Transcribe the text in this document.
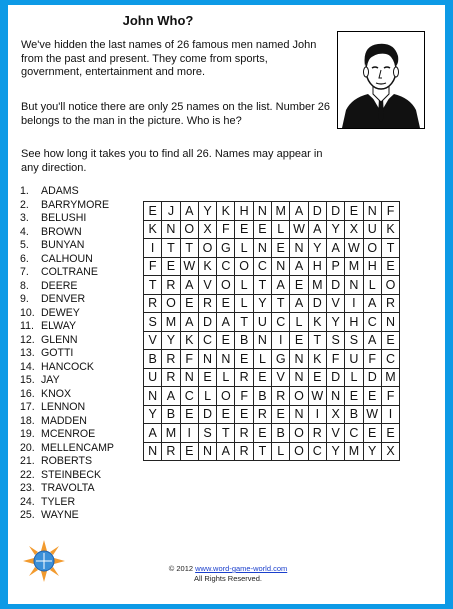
John Who?

We've hidden the last names of 26 famous men named John from the past and present. They come from sports, government, entertainment and more.

But you'll notice there are only 25 names on the list. Number 26 belongs to the man in the picture. Who is he?

See how long it takes you to find all 26. Names may appear in any direction.

1.	ADAMS
2.	BARRYMORE
3.	BELUSHI
4.	BROWN
5.	BUNYAN
6.	CALHOUN
7.	COLTRANE
8.	DEERE
9.	DENVER
10. DEWEY
11. ELWAY
12. GLENN
13. GOTTI
14. HANCOCK
15. JAY
16. KNOX
17. LENNON
18. MADDEN
19. MCENROE
20. MELLENCAMP
21. ROBERTS
22. STEINBECK
23. TRAVOLTA
24. TYLER
25. WAYNE
E	J	A	Y	K	H	N	M	A	D	D	E	N	F
K	N	O	X	F	E	E	L	W	A	Y	X	U	K
I	T	T	O	G	L	N	E	N	Y	A	W	O	T
F	E	W	K	C	O	C	N	A	H	P	M	H	E
T	R	A	V	O	L	T	A	E	M	D	N	L	O
R	O	E	R	E	L	Y	T	A	D	V	I	A	R
S	M	A	D	A	T	U	C	L	K	Y	H	C	N
V	Y	K	C	E	B	N	I	E	T	S	S	A	E
B	R	F	N	N	E	L	G	N	K	F	U	F	C
U	R	N	E	L	R	E	V	N	E	D	L	D	M
N	A	C	L	O	F	B	R	O	W	N	E	E	F
Y	B	E	D	E	E	R	E	N	I	X	B	W	I
A	M	I	S	T	R	E	B	O	R	V	C	E	E
N	R	E	N	A	R	T	L	O	C	Y	M	Y	X
© 2012 www.word-game-world.com
All Rights Reserved.
